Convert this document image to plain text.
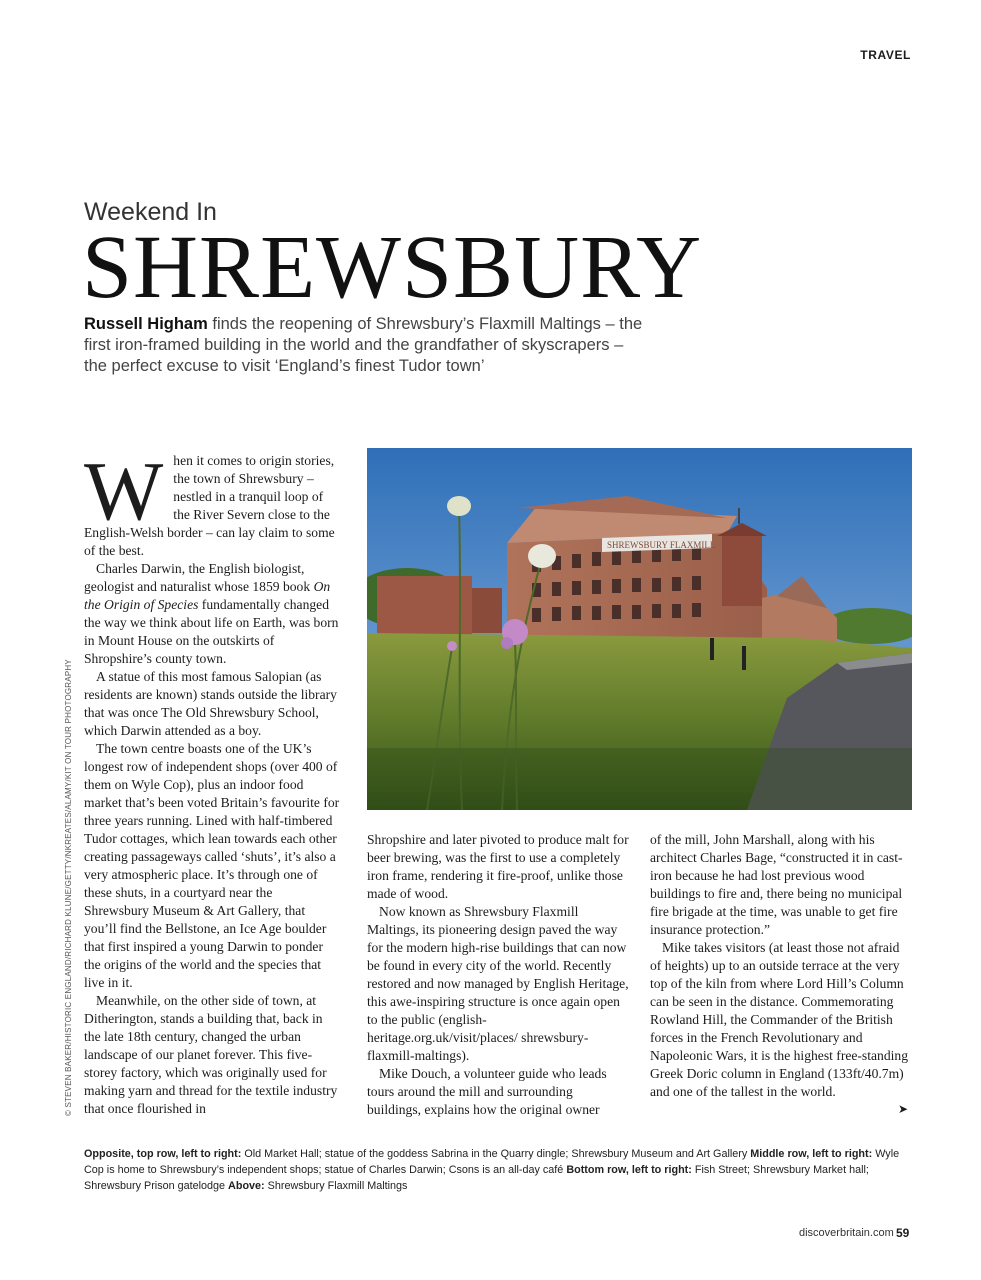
TRAVEL
Weekend In
SHREWSBURY
Russell Higham finds the reopening of Shrewsbury’s Flaxmill Maltings – the first iron-framed building in the world and the grandfather of skyscrapers – the perfect excuse to visit ‘England’s finest Tudor town’
© STEVEN BAKER/HISTORIC ENGLAND/RICHARD KLUNE/GETTY/NKREATES/ALAMY/KIT ON TOUR PHOTOGRAPHY
SHREWSBURY FLAXMILL
W hen it comes to origin stories, the town of Shrewsbury – nestled in a tranquil loop of the River Severn close to the English-Welsh border – can lay claim to some of the best.

Charles Darwin, the English biologist, geologist and naturalist whose 1859 book On the Origin of Species fundamentally changed the way we think about life on Earth, was born in Mount House on the outskirts of Shropshire’s county town.

A statue of this most famous Salopian (as residents are known) stands outside the library that was once The Old Shrewsbury School, which Darwin attended as a boy.

The town centre boasts one of the UK’s longest row of independent shops (over 400 of them on Wyle Cop), plus an indoor food market that’s been voted Britain’s favourite for three years running. Lined with half-timbered Tudor cottages, which lean towards each other creating passageways called ‘shuts’, it’s also a very atmospheric place. It’s through one of these shuts, in a courtyard near the Shrewsbury Museum & Art Gallery, that you’ll find the Bellstone, an Ice Age boulder that first inspired a young Darwin to ponder the origins of the world and the species that live in it.

Meanwhile, on the other side of town, at Ditherington, stands a building that, back in the late 18th century, changed the urban landscape of our planet forever. This five-storey factory, which was originally used for making yarn and thread for the textile industry that once flourished in

Shropshire and later pivoted to produce malt for beer brewing, was the first to use a completely iron frame, rendering it fire-proof, unlike those made of wood.

Now known as Shrewsbury Flaxmill Maltings, its pioneering design paved the way for the modern high-rise buildings that can now be found in every city of the world. Recently restored and now managed by English Heritage, this awe-inspiring structure is once again open to the public (english-heritage.org.uk/visit/places/ shrewsbury-flaxmill-maltings).

Mike Douch, a volunteer guide who leads tours around the mill and surrounding buildings, explains how the original owner

of the mill, John Marshall, along with his architect Charles Bage, “constructed it in cast-iron because he had lost previous wood buildings to fire and, there being no municipal fire brigade at the time, was unable to get fire insurance protection.”

Mike takes visitors (at least those not afraid of heights) up to an outside terrace at the very top of the kiln from where Lord Hill’s Column can be seen in the distance. Commemorating Rowland Hill, the Commander of the British forces in the French Revolutionary and Napoleonic Wars, it is the highest free-standing Greek Doric column in England (133ft/40.7m) and one of the tallest in the world.

➤
Opposite, top row, left to right: Old Market Hall; statue of the goddess Sabrina in the Quarry dingle; Shrewsbury Museum and Art Gallery Middle row, left to right: Wyle Cop is home to Shrewsbury’s independent shops; statue of Charles Darwin; Csons is an all-day café Bottom row, left to right: Fish Street; Shrewsbury Market hall; Shrewsbury Prison gatelodge Above: Shrewsbury Flaxmill Maltings
discoverbritain.com 59
